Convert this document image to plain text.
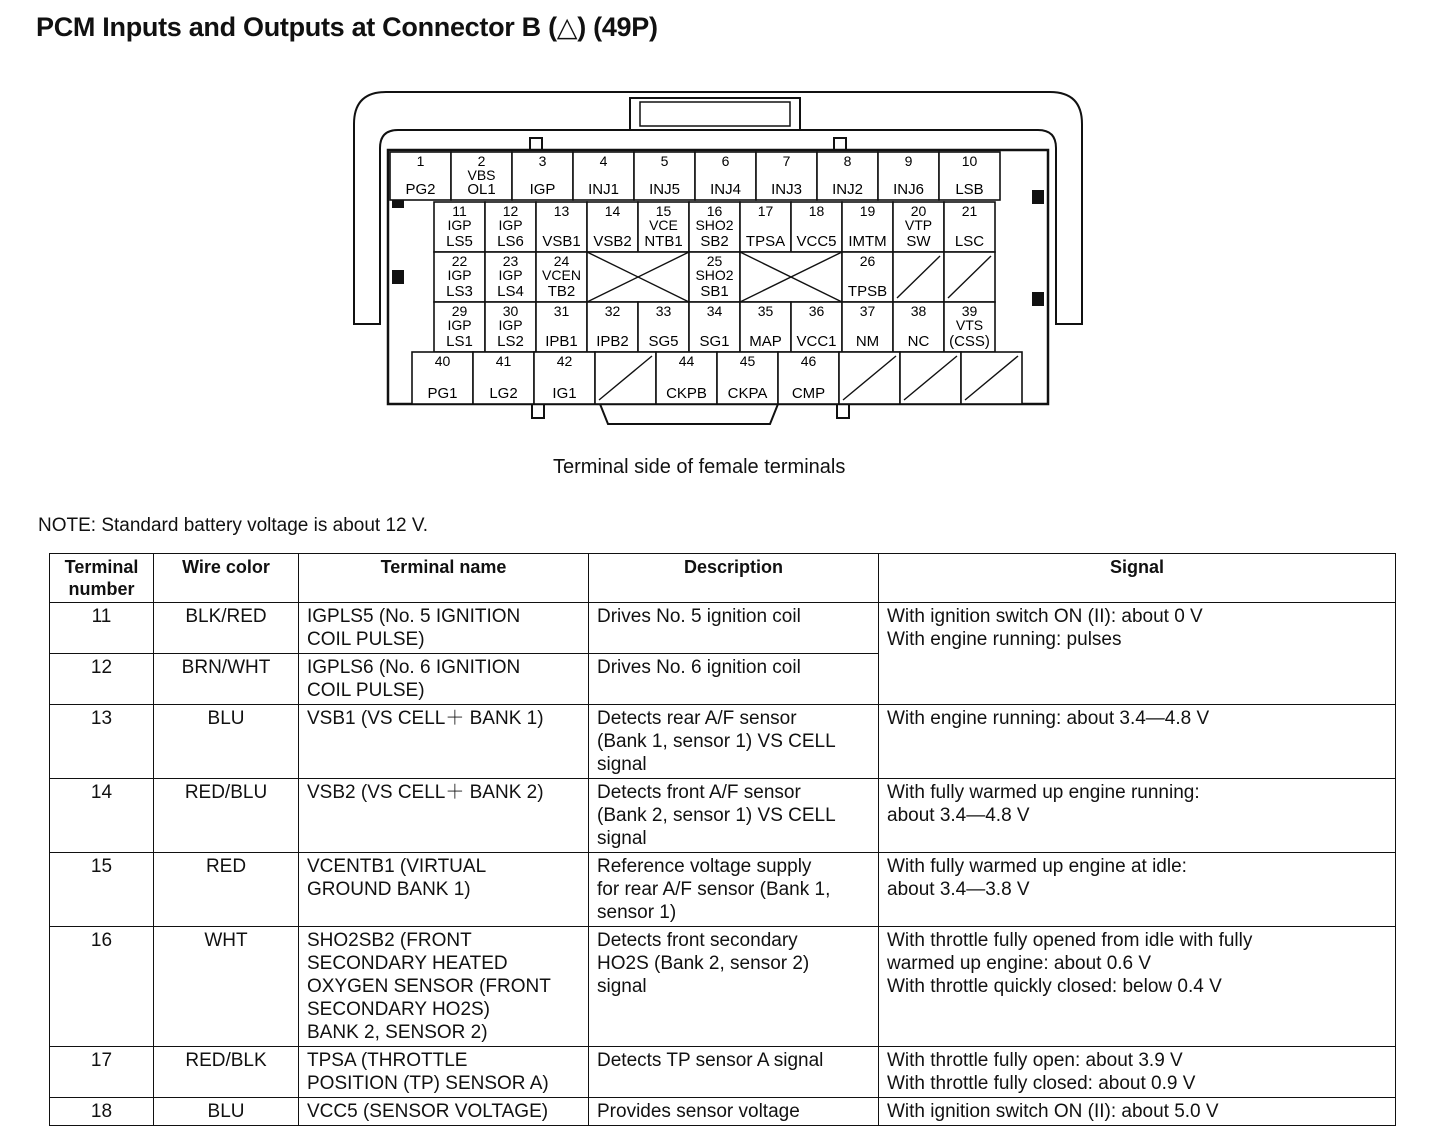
PCM Inputs and Outputs at Connector B (△) (49P)
1
PG2
2
VBS
OL1
3
IGP
4
INJ1
5
INJ5
6
INJ4
7
INJ3
8
INJ2
9
INJ6
10
LSB
11
IGP
LS5
12
IGP
LS6
13
VSB1
14
VSB2
15
VCE
NTB1
16
SHO2
SB2
17
TPSA
18
VCC5
19
IMTM
20
VTP
SW
21
LSC
22
IGP
LS3
23
IGP
LS4
24
VCEN
TB2
25
SHO2
SB1
26
TPSB
29
IGP
LS1
30
IGP
LS2
31
IPB1
32
IPB2
33
SG5
34
SG1
35
MAP
36
VCC1
37
NM
38
NC
39
VTS
(CSS)
40
PG1
41
LG2
42
IG1
44
CKPB
45
CKPA
46
CMP
Terminal side of female terminals
NOTE: Standard battery voltage is about 12 V.
Terminal number	Wire color	Terminal name	Description	Signal
11	BLK/RED	IGPLS5 (No. 5 IGNITION
COIL PULSE)	Drives No. 5 ignition coil	With ignition switch ON (II): about 0 V
With engine running: pulses
12	BRN/WHT	IGPLS6 (No. 6 IGNITION
COIL PULSE)	Drives No. 6 ignition coil	
13	BLU	VSB1 (VS CELL＋ BANK 1)	Detects rear A/F sensor
(Bank 1, sensor 1) VS CELL
signal	With engine running: about 3.4—4.8 V
14	RED/BLU	VSB2 (VS CELL＋ BANK 2)	Detects front A/F sensor
(Bank 2, sensor 1) VS CELL
signal	With fully warmed up engine running:
about 3.4—4.8 V
15	RED	VCENTB1 (VIRTUAL
GROUND BANK 1)	Reference voltage supply
for rear A/F sensor (Bank 1,
sensor 1)	With fully warmed up engine at idle:
about 3.4—3.8 V
16	WHT	SHO2SB2 (FRONT
SECONDARY HEATED
OXYGEN SENSOR (FRONT
SECONDARY HO2S)
BANK 2, SENSOR 2)	Detects front secondary
HO2S (Bank 2, sensor 2)
signal	With throttle fully opened from idle with fully
warmed up engine: about 0.6 V
With throttle quickly closed: below 0.4 V
17	RED/BLK	TPSA (THROTTLE
POSITION (TP) SENSOR A)	Detects TP sensor A signal	With throttle fully open: about 3.9 V
With throttle fully closed: about 0.9 V
18	BLU	VCC5 (SENSOR VOLTAGE)	Provides sensor voltage	With ignition switch ON (II): about 5.0 V
